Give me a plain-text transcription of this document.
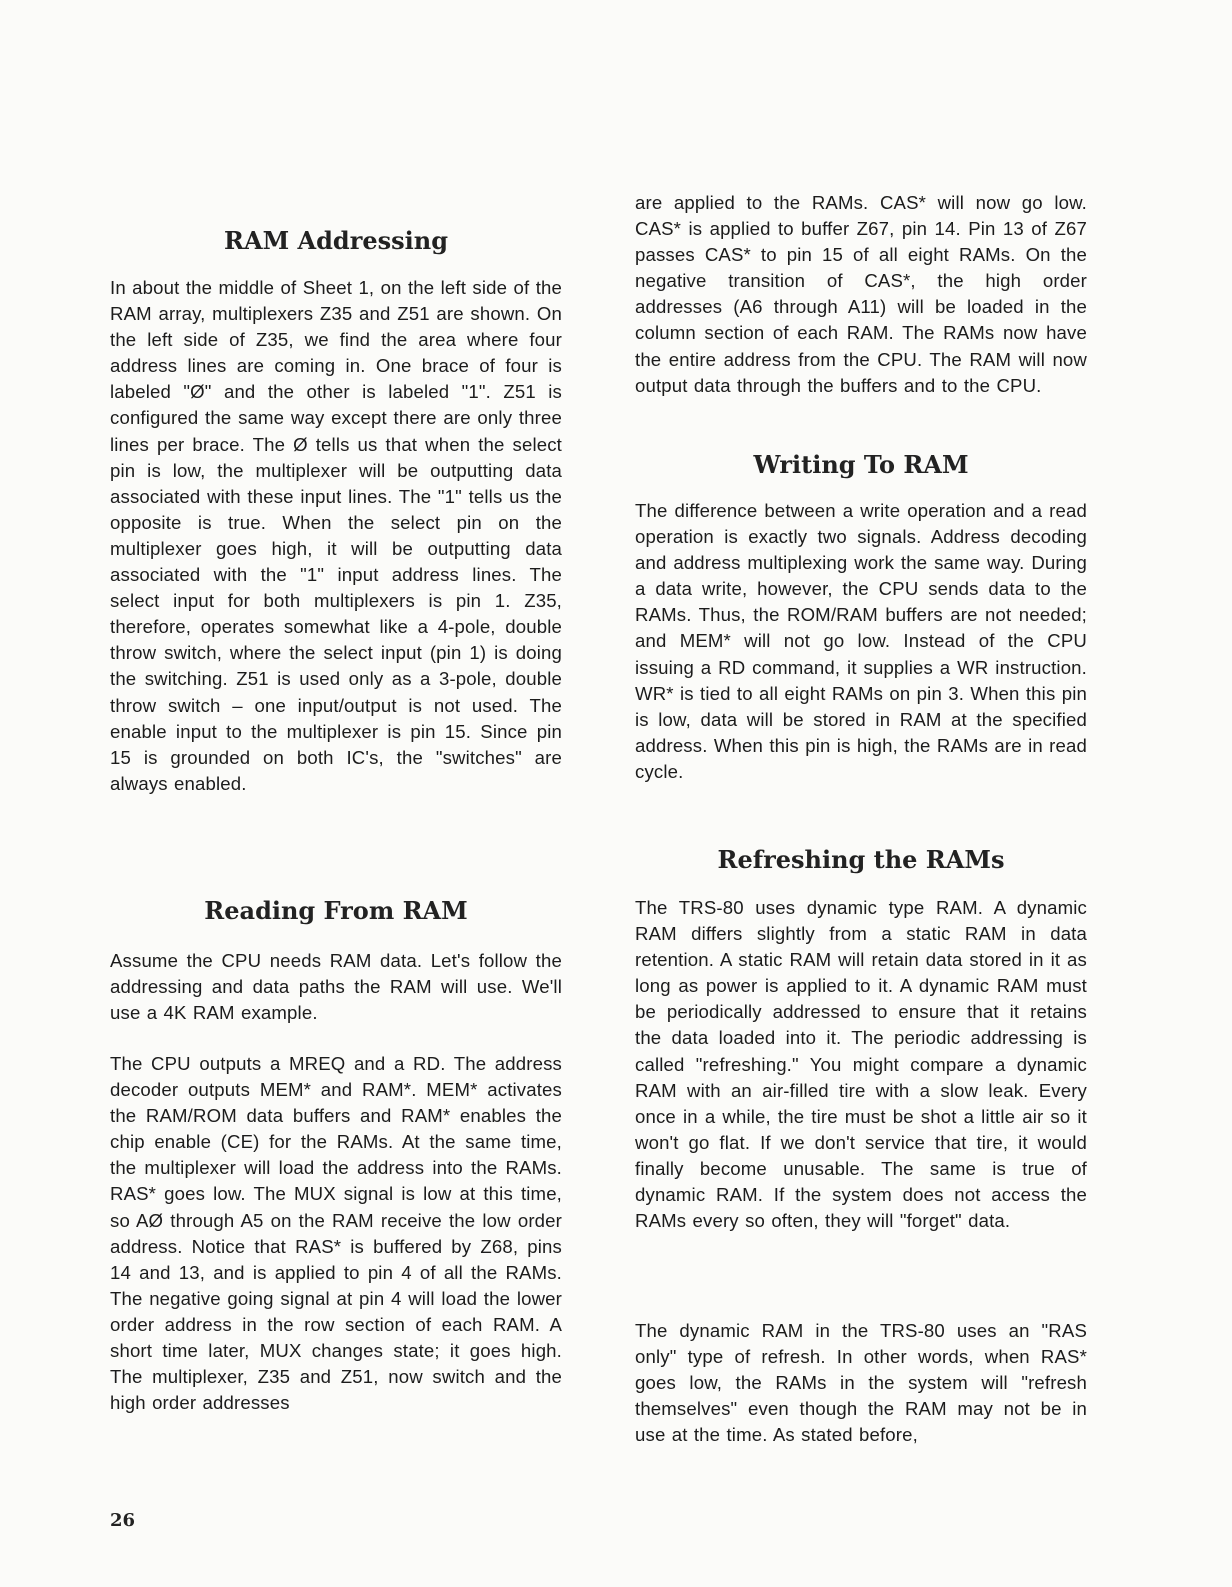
RAM Addressing

In about the middle of Sheet 1, on the left side of the RAM array, multiplexers Z35 and Z51 are shown. On the left side of Z35, we find the area where four address lines are coming in. One brace of four is labeled "Ø" and the other is labeled "1". Z51 is configured the same way except there are only three lines per brace. The Ø tells us that when the select pin is low, the multiplexer will be outputting data associated with these input lines. The "1" tells us the opposite is true. When the select pin on the multiplexer goes high, it will be outputting data associated with the "1" input address lines. The select input for both multiplexers is pin 1. Z35, therefore, operates somewhat like a 4-pole, double throw switch, where the select input (pin 1) is doing the switching. Z51 is used only as a 3-pole, double throw switch – one input/output is not used. The enable input to the multiplexer is pin 15. Since pin 15 is grounded on both IC's, the "switches" are always enabled.

Reading From RAM

Assume the CPU needs RAM data. Let's follow the addressing and data paths the RAM will use. We'll use a 4K RAM example.

The CPU outputs a MREQ and a RD. The address decoder outputs MEM* and RAM*. MEM* activates the RAM/ROM data buffers and RAM* enables the chip enable (CE) for the RAMs. At the same time, the multiplexer will load the address into the RAMs. RAS* goes low. The MUX signal is low at this time, so AØ through A5 on the RAM receive the low order address. Notice that RAS* is buffered by Z68, pins 14 and 13, and is applied to pin 4 of all the RAMs. The negative going signal at pin 4 will load the lower order address in the row section of each RAM. A short time later, MUX changes state; it goes high. The multiplexer, Z35 and Z51, now switch and the high order addresses

are applied to the RAMs. CAS* will now go low. CAS* is applied to buffer Z67, pin 14. Pin 13 of Z67 passes CAS* to pin 15 of all eight RAMs. On the negative transition of CAS*, the high order addresses (A6 through A11) will be loaded in the column section of each RAM. The RAMs now have the entire address from the CPU. The RAM will now output data through the buffers and to the CPU.

Writing To RAM

The difference between a write operation and a read operation is exactly two signals. Address decoding and address multiplexing work the same way. During a data write, however, the CPU sends data to the RAMs. Thus, the ROM/RAM buffers are not needed; and MEM* will not go low. Instead of the CPU issuing a RD command, it supplies a WR instruction. WR* is tied to all eight RAMs on pin 3. When this pin is low, data will be stored in RAM at the specified address. When this pin is high, the RAMs are in read cycle.

Refreshing the RAMs

The TRS-80 uses dynamic type RAM. A dynamic RAM differs slightly from a static RAM in data retention. A static RAM will retain data stored in it as long as power is applied to it. A dynamic RAM must be periodically addressed to ensure that it retains the data loaded into it. The periodic addressing is called "refreshing." You might compare a dynamic RAM with an air-filled tire with a slow leak. Every once in a while, the tire must be shot a little air so it won't go flat. If we don't service that tire, it would finally become unusable. The same is true of dynamic RAM. If the system does not access the RAMs every so often, they will "forget" data.

The dynamic RAM in the TRS-80 uses an "RAS only" type of refresh. In other words, when RAS* goes low, the RAMs in the system will "refresh themselves" even though the RAM may not be in use at the time. As stated before,

26
